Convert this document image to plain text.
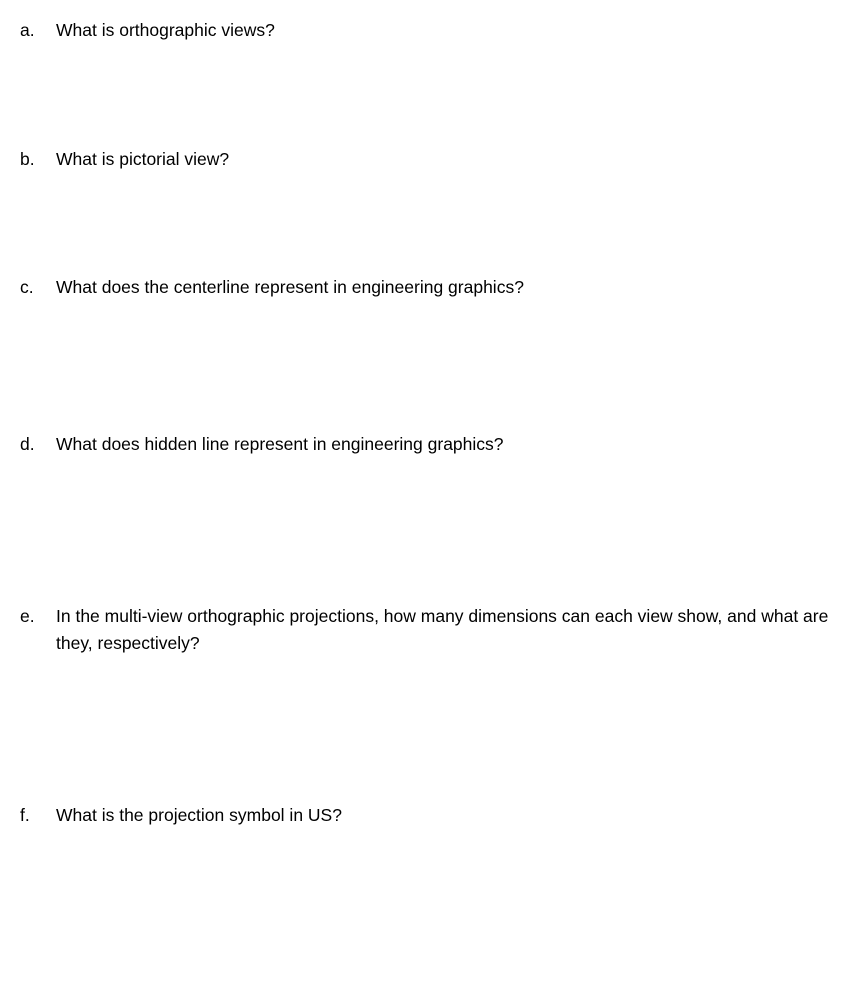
a. What is orthographic views?
b. What is pictorial view?
c. What does the centerline represent in engineering graphics?
d. What does hidden line represent in engineering graphics?
e. In the multi-view orthographic projections, how many dimensions can each view show, and what are they, respectively?
f. What is the projection symbol in US?
